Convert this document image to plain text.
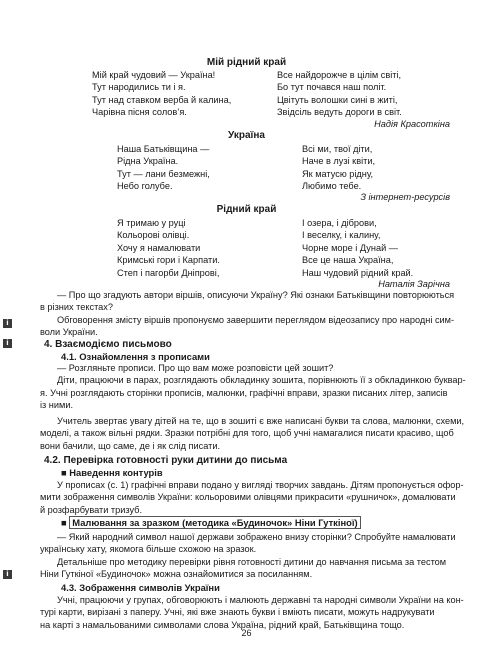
Мій рідний край
Мій край чудовий — Україна!
Тут народились ти і я.
Тут над ставком верба й калина,
Чарівна пісня солов’я.
Все найдорожче в цілім світі,
Бо тут почався наш політ.
Цвітуть волошки сині в житі,
Звідсіль ведуть дороги в світ.
Надія Красоткіна
Україна
Наша Батьківщина —
Рідна Україна.
Тут — лани безмежні,
Небо голубе.
Всі ми, твої діти,
Наче в лузі квіти,
Як матусю рідну,
Любимо тебе.
З інтернет-ресурсів
Рідний край
Я тримаю у руці
Кольорові олівці.
Хочу я намалювати
Кримські гори і Карпати.
Степ і пагорби Дніпрові,
І озера, і діброви,
І веселку, і калину,
Чорне море і Дунай —
Все це наша Україна,
Наш чудовий рідний край.
Наталія Зарічна
— Про що згадують автори віршів, описуючи Україну? Які ознаки Батьківщини повторюються
в різних текстах?
Обговорення змісту віршів пропонуємо завершити переглядом відеозапису про народні сим-
воли України.
i
4. Взаємодіємо письмово
i
4.1. Ознайомлення з прописами
— Розгляньте прописи. Про що вам може розповісти цей зошит?
Діти, працюючи в парах, розглядають обкладинку зошита, порівнюють її з обкладинкою буквар-
я. Учні розглядають сторінки прописів, малюнки, графічні вправи, зразки писаних літер, записів
із ними.
Учитель звертає увагу дітей на те, що в зошиті є вже написані букви та слова, малюнки, схеми,
моделі, а також вільні рядки. Зразки потрібні для того, щоб учні намагалися писати красиво, щоб
вони бачили, що саме, де і як слід писати.
4.2. Перевірка готовності руки дитини до письма
■ Наведення контурів
У прописах (с. 1) графічні вправи подано у вигляді творчих завдань. Дітям пропонується офор-
мити зображення символів України: кольоровими олівцями прикрасити «рушничок», домалювати
й розфарбувати тризуб.
■ Малювання за зразком (методика «Будиночок» Ніни Гуткіної)
— Який народний символ нашої держави зображено внизу сторінки? Спробуйте намалювати
українську хату, якомога більше схожою на зразок.
Детальніше про методику перевірки рівня готовності дитини до навчання письма за тестом
Ніни Гуткіної «Будиночок» можна ознайомитися за посиланням.
i
4.3. Зображення символів України
Учні, працюючи у групах, обговорюють і малюють державні та народні символи України на кон-
турі карти, вирізані з паперу. Учні, які вже знають букви і вміють писати, можуть надрукувати
на карті з намальованими символами слова Україна, рідний край, Батьківщина тощо.
26
